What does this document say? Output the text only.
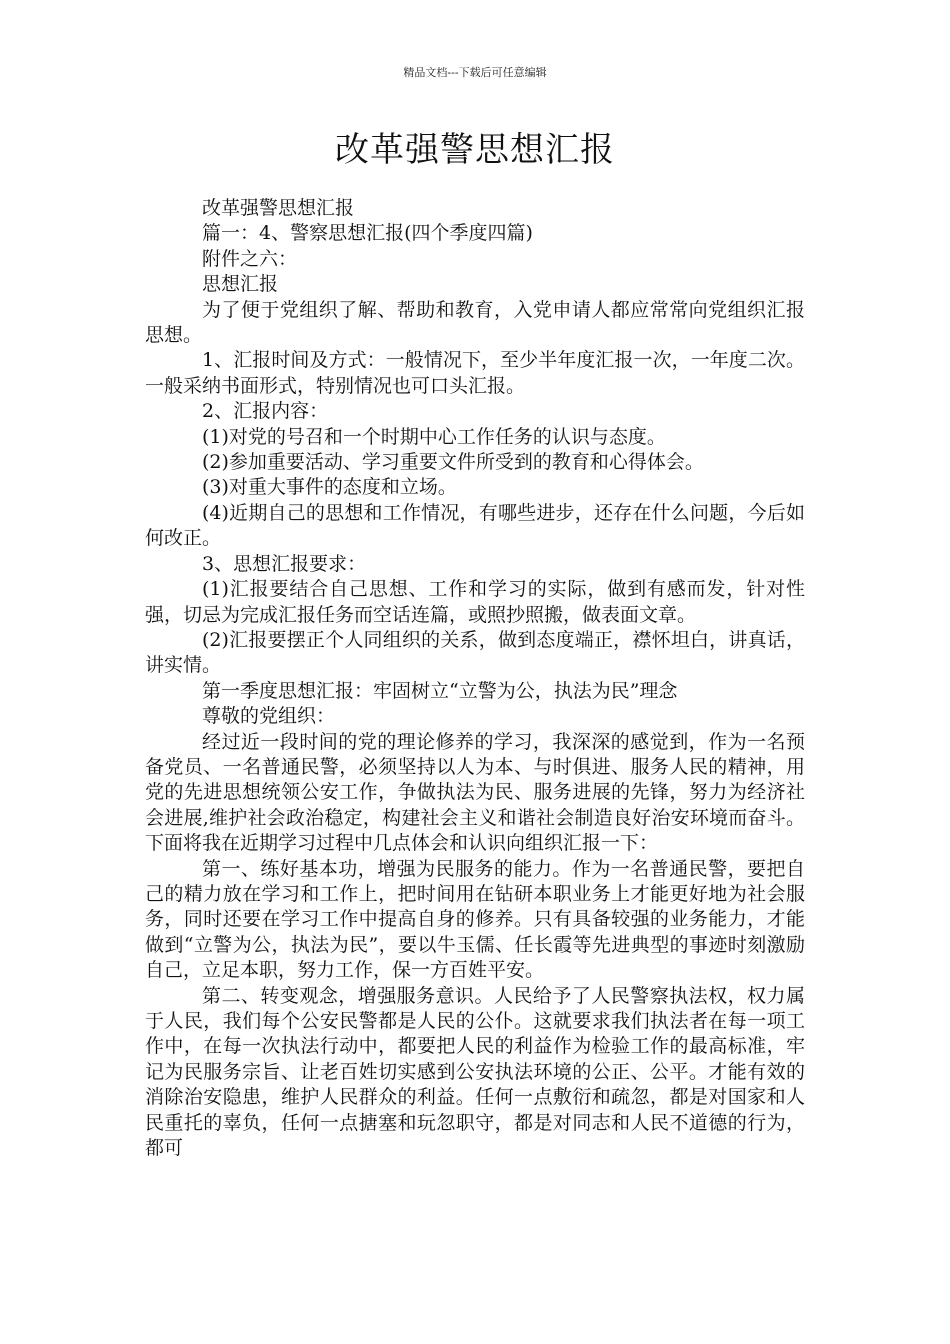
精品文档---下载后可任意编辑
改革强警思想汇报

改革强警思想汇报

篇一：4、警察思想汇报(四个季度四篇)

附件之六：

思想汇报

为了便于党组织了解、帮助和教育，入党申请人都应常常向党组织汇报思想。

1、汇报时间及方式：一般情况下，至少半年度汇报一次，一年度二次。一般采纳书面形式，特别情况也可口头汇报。

2、汇报内容：

(1)对党的号召和一个时期中心工作任务的认识与态度。

(2)参加重要活动、学习重要文件所受到的教育和心得体会。

(3)对重大事件的态度和立场。

(4)近期自己的思想和工作情况，有哪些进步，还存在什么问题，今后如何改正。

3、思想汇报要求：

(1)汇报要结合自己思想、工作和学习的实际，做到有感而发，针对性强，切忌为完成汇报任务而空话连篇，或照抄照搬，做表面文章。

(2)汇报要摆正个人同组织的关系，做到态度端正，襟怀坦白，讲真话，讲实情。

第一季度思想汇报：牢固树立“立警为公，执法为民”理念

尊敬的党组织：

经过近一段时间的党的理论修养的学习，我深深的感觉到，作为一名预备党员、一名普通民警，必须坚持以人为本、与时俱进、服务人民的精神，用党的先进思想统领公安工作，争做执法为民、服务进展的先锋，努力为经济社会进展,维护社会政治稳定，构建社会主义和谐社会制造良好治安环境而奋斗。下面将我在近期学习过程中几点体会和认识向组织汇报一下：

第一、练好基本功，增强为民服务的能力。作为一名普通民警，要把自己的精力放在学习和工作上，把时间用在钻研本职业务上才能更好地为社会服务，同时还要在学习工作中提高自身的修养。只有具备较强的业务能力，才能做到“立警为公，执法为民”，要以牛玉儒、任长霞等先进典型的事迹时刻激励自己，立足本职，努力工作，保一方百姓平安。

第二、转变观念，增强服务意识。人民给予了人民警察执法权，权力属于人民，我们每个公安民警都是人民的公仆。这就要求我们执法者在每一项工作中，在每一次执法行动中，都要把人民的利益作为检验工作的最高标准，牢记为民服务宗旨、让老百姓切实感到公安执法环境的公正、公平。才能有效的消除治安隐患，维护人民群众的利益。任何一点敷衍和疏忽，都是对国家和人民重托的辜负，任何一点搪塞和玩忽职守，都是对同志和人民不道德的行为，都可
